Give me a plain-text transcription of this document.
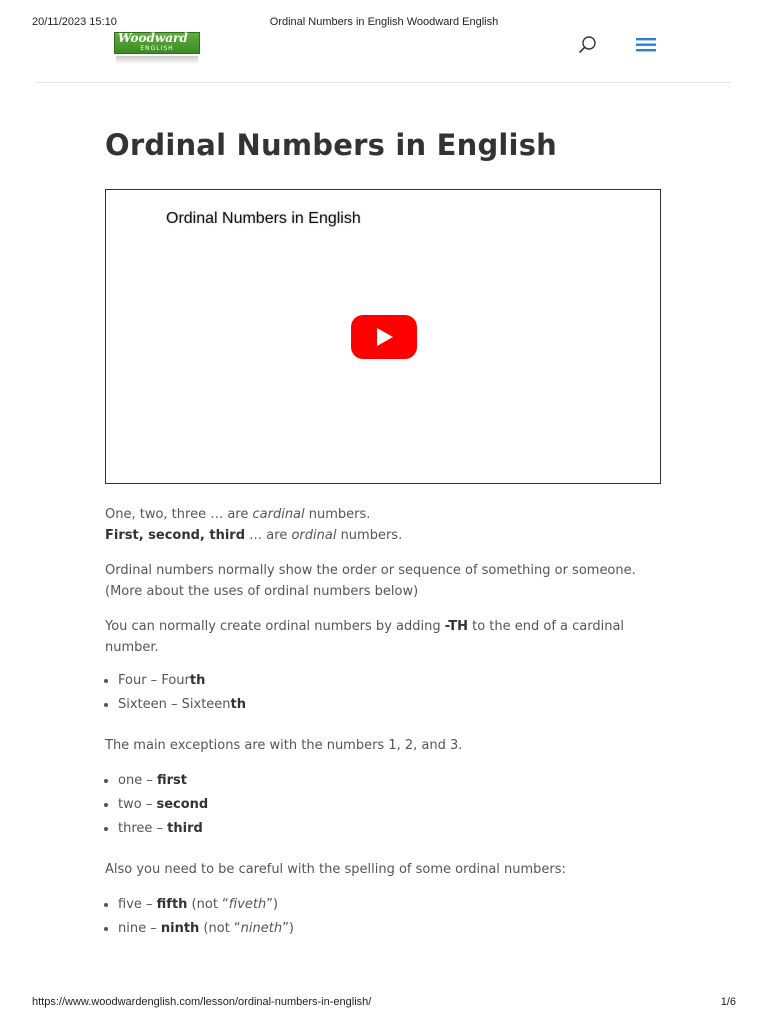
20/11/2023 15:10	Ordinal Numbers in English Woodward English
Woodward
ENGLISH
Ordinal Numbers in English
Ordinal Numbers in English

One, two, three … are cardinal numbers.

First, second, third … are ordinal numbers.

Ordinal numbers normally show the order or sequence of something or someone.

(More about the uses of ordinal numbers below)

You can normally create ordinal numbers by adding -TH to the end of a cardinal number.

• Four – Fourth
• Sixteen – Sixteenth

The main exceptions are with the numbers 1, 2, and 3.

• one – first
• two – second
• three – third

Also you need to be careful with the spelling of some ordinal numbers:

• five – fifth (not “fiveth”)
• nine – ninth (not “nineth”)
https://www.woodwardenglish.com/lesson/ordinal-numbers-in-english/	1/6
